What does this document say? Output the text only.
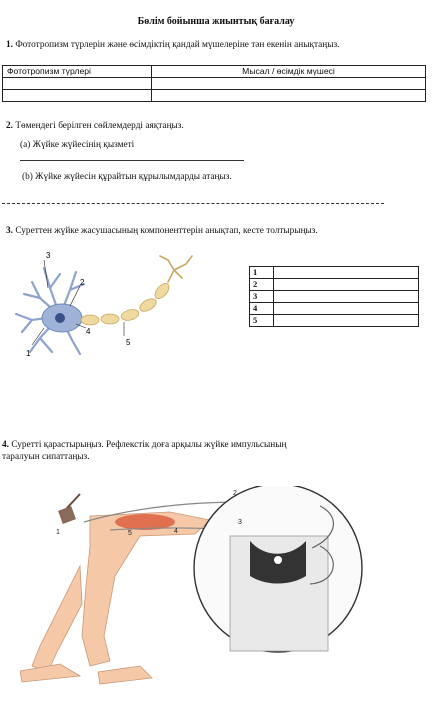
Бөлім бойынша жиынтық бағалау
1. Фототропизм түрлерін және өсімдіктің қандай мүшелеріне тән екенін анықтаңыз.
Фототропизм түрлері	Мысал / өсімдік мүшесі

2. Төмендегі берілген сөйлемдерді аяқтаңыз.
(а) Жүйке жүйесінің қызметі
(b) Жүйке жүйесін құрайтын құрылымдарды атаңыз.
3. Суреттен жүйке жасушасының компоненттерін анықтап, кесте толтырыңыз.
3
2
4
5
1
1	
2	
3	
4	
5	
4. Суретті қарастырыңыз. Рефлекстік доға арқылы жүйке импульсының
таралуын сипаттаңыз.
1
2
3
4
5
